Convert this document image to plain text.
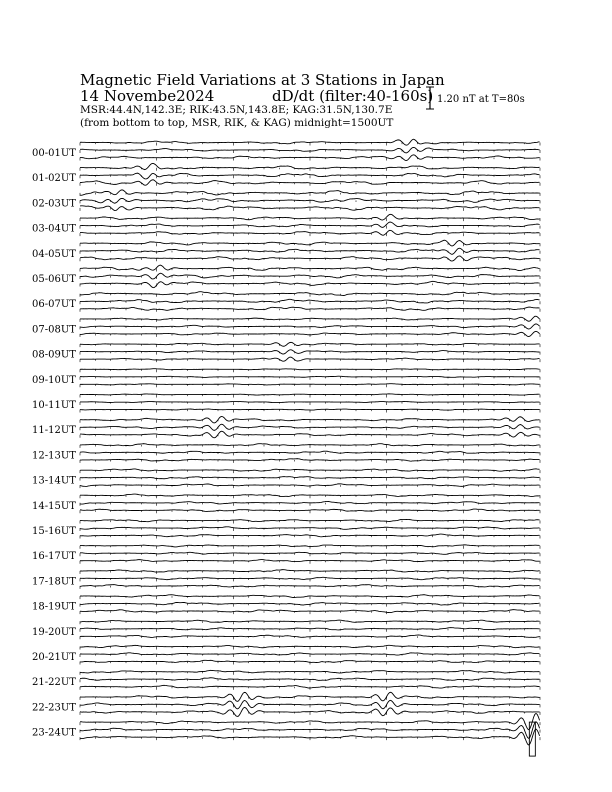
Magnetic Field Variations at 3 Stations in Japan
14 Novembe2024	dD/dt (filter:40-160s)
MSR:44.4N,142.3E; RIK:43.5N,143.8E; KAG:31.5N,130.7E
(from bottom to top, MSR, RIK, & KAG) midnight=1500UT
1.20 nT at T=80s
00-01UT
01-02UT
02-03UT
03-04UT
04-05UT
05-06UT
06-07UT
07-08UT
08-09UT
09-10UT
10-11UT
11-12UT
12-13UT
13-14UT
14-15UT
15-16UT
16-17UT
17-18UT
18-19UT
19-20UT
20-21UT
21-22UT
22-23UT
23-24UT
